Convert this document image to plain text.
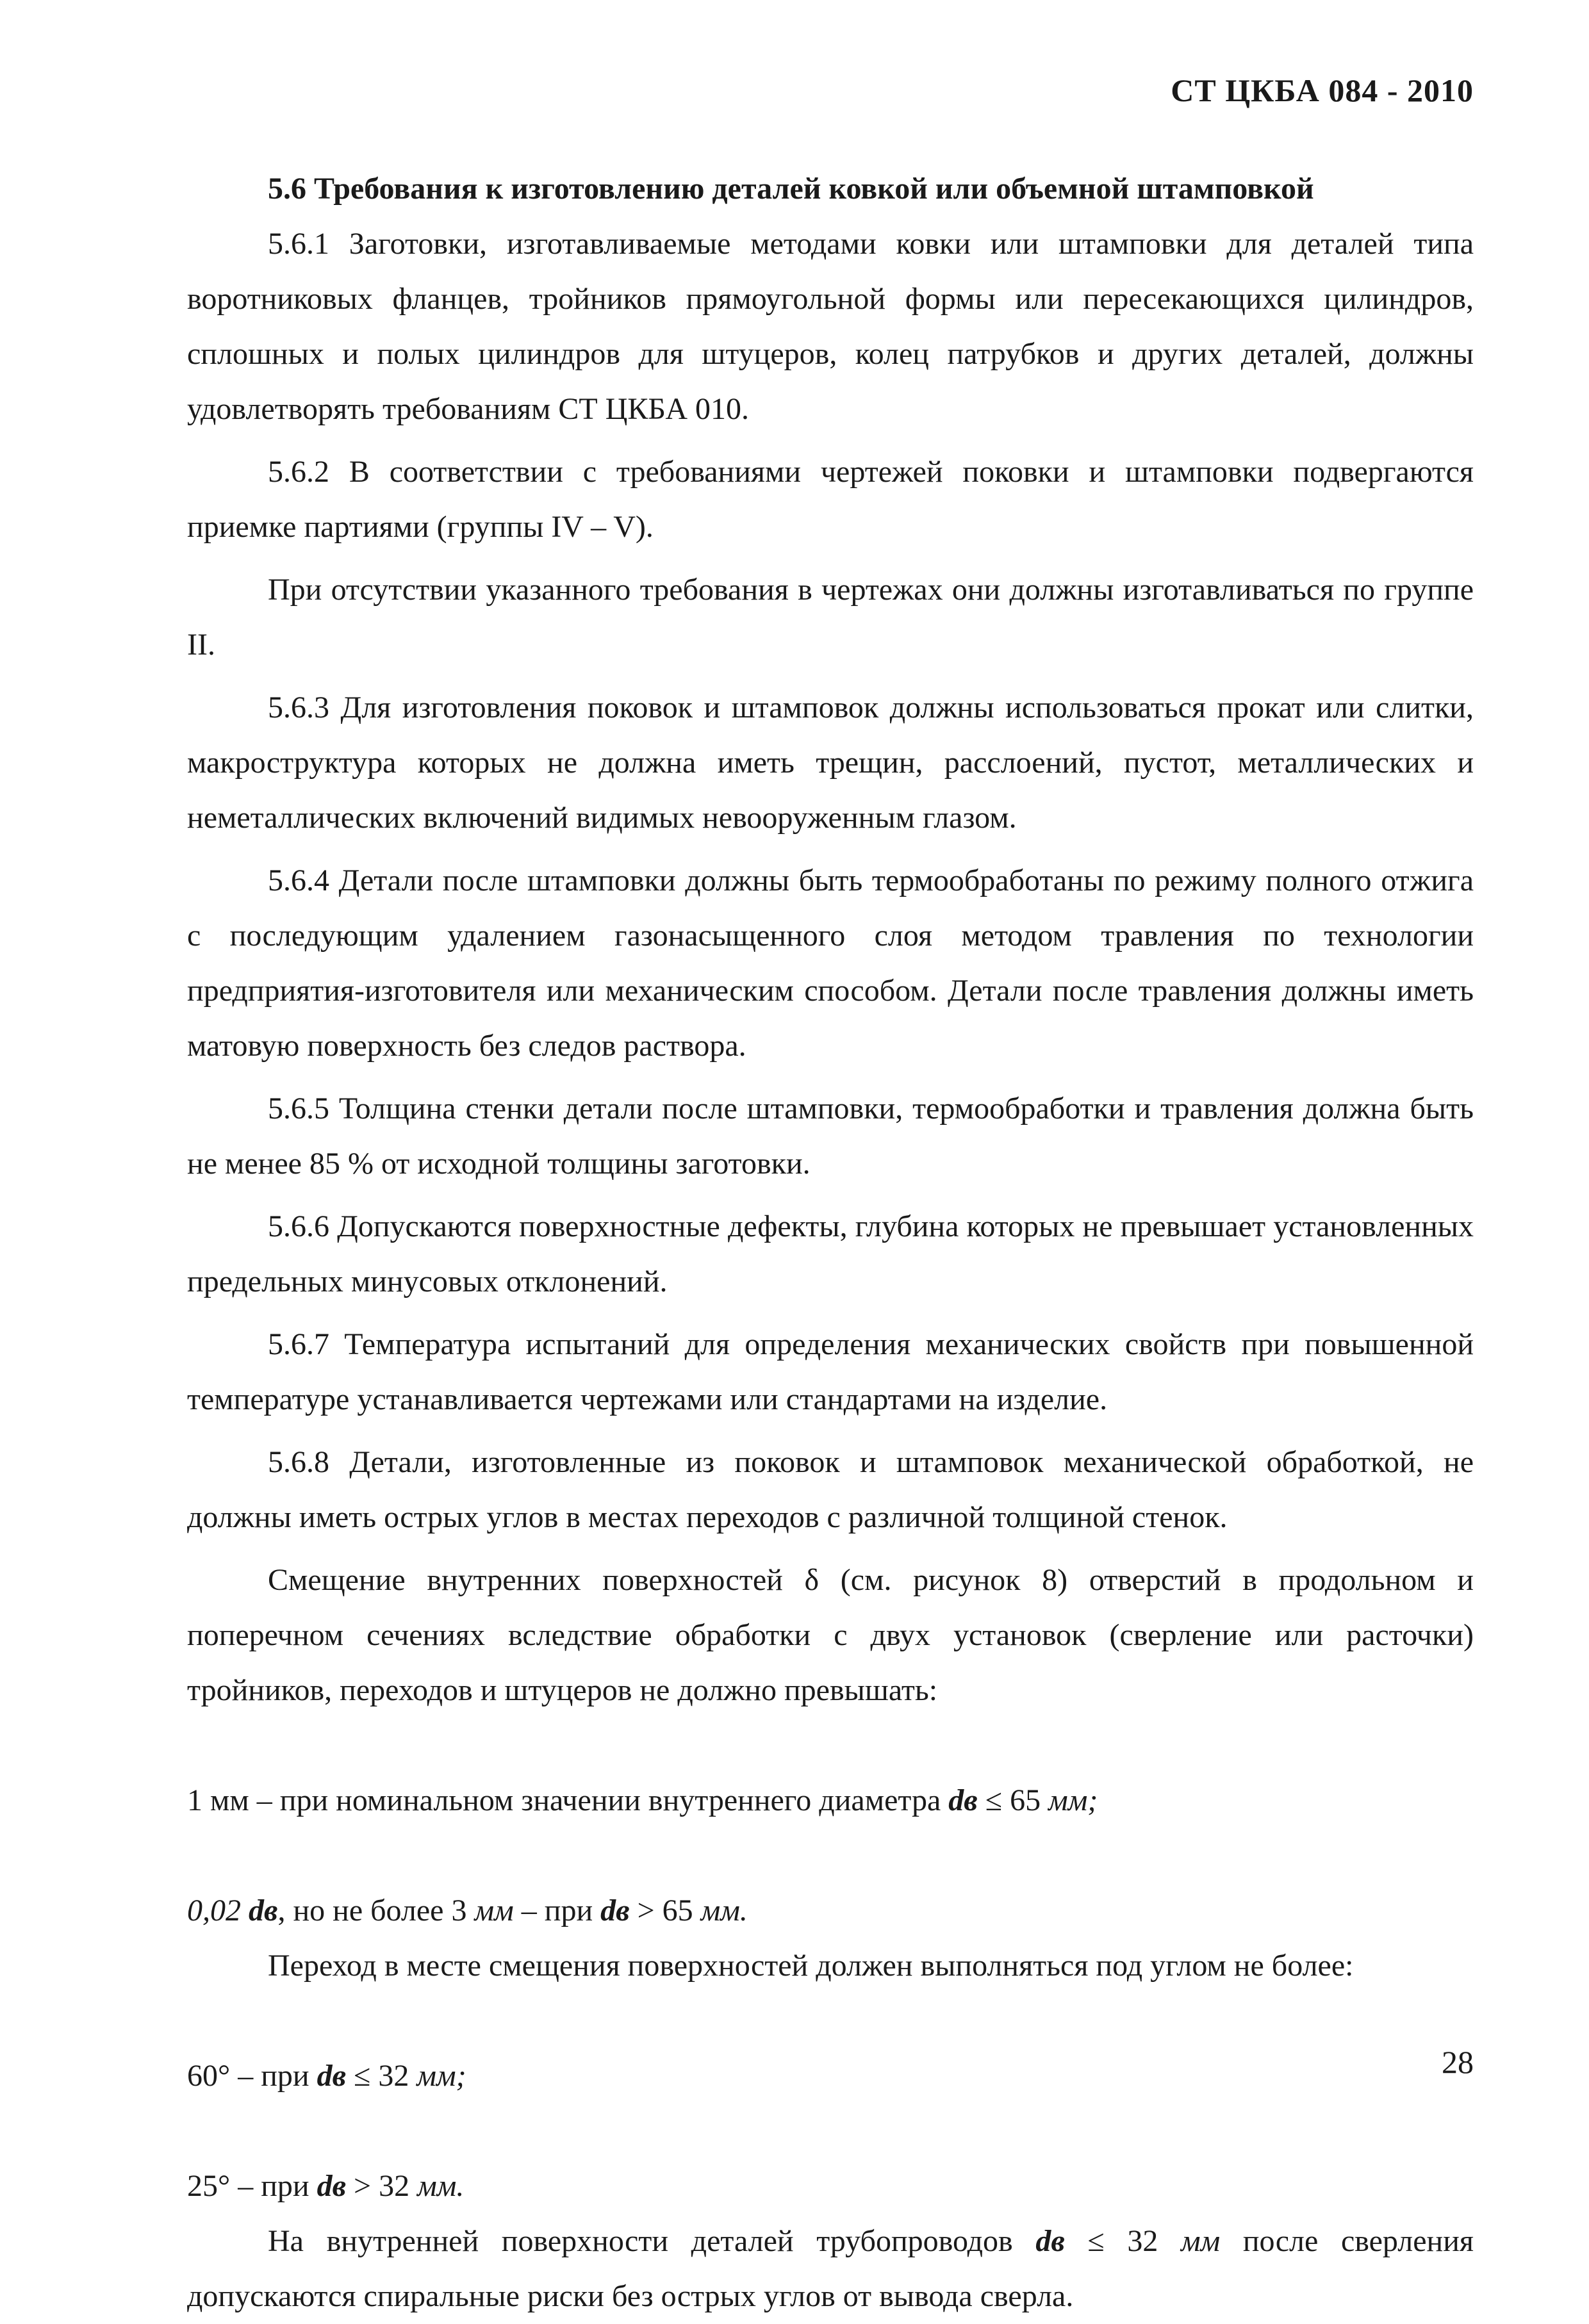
СТ ЦКБА 084 - 2010
5.6 Требования к изготовлению деталей ковкой или объемной штамповкой

5.6.1 Заготовки, изготавливаемые методами ковки или штамповки для деталей типа воротниковых фланцев, тройников прямоугольной формы или пересекающихся цилиндров, сплошных и полых цилиндров для штуцеров, колец патрубков и других деталей, должны удовлетворять требованиям СТ ЦКБА 010.

5.6.2 В соответствии с требованиями чертежей поковки и штамповки подвергаются приемке партиями (группы IV – V).

При отсутствии указанного требования в чертежах они должны изготавливаться по группе II.

5.6.3 Для изготовления поковок и штамповок должны использоваться прокат или слитки, макроструктура которых не должна иметь трещин, расслоений, пустот, металлических и неметаллических включений видимых невооруженным глазом.

5.6.4 Детали после штамповки должны быть термообработаны по режиму полного отжига с последующим удалением газонасыщенного слоя методом травления по технологии предприятия-изготовителя или механическим способом. Детали после травления должны иметь матовую поверхность без следов раствора.

5.6.5 Толщина стенки детали после штамповки, термообработки и травления должна быть не менее 85 % от исходной толщины заготовки.

5.6.6 Допускаются поверхностные дефекты, глубина которых не превышает установленных предельных минусовых отклонений.

5.6.7 Температура испытаний для определения механических свойств при повышенной температуре устанавливается чертежами или стандартами на изделие.

5.6.8 Детали, изготовленные из поковок и штамповок механической обработкой, не должны иметь острых углов в местах переходов с различной толщиной стенок.

Смещение внутренних поверхностей δ (см. рисунок 8) отверстий в продольном и поперечном сечениях вследствие обработки с двух установок (сверление или расточки) тройников, переходов и штуцеров не должно превышать:

1 мм – при номинальном значении внутреннего диаметра dв ≤ 65 мм;

0,02 dв, но не более 3 мм – при dв > 65 мм.

Переход в месте смещения поверхностей должен выполняться под углом не более:

60° – при dв ≤ 32 мм;

25° – при dв > 32 мм.

На внутренней поверхности деталей трубопроводов dв ≤ 32 мм после сверления допускаются спиральные риски без острых углов от вывода сверла.

28
